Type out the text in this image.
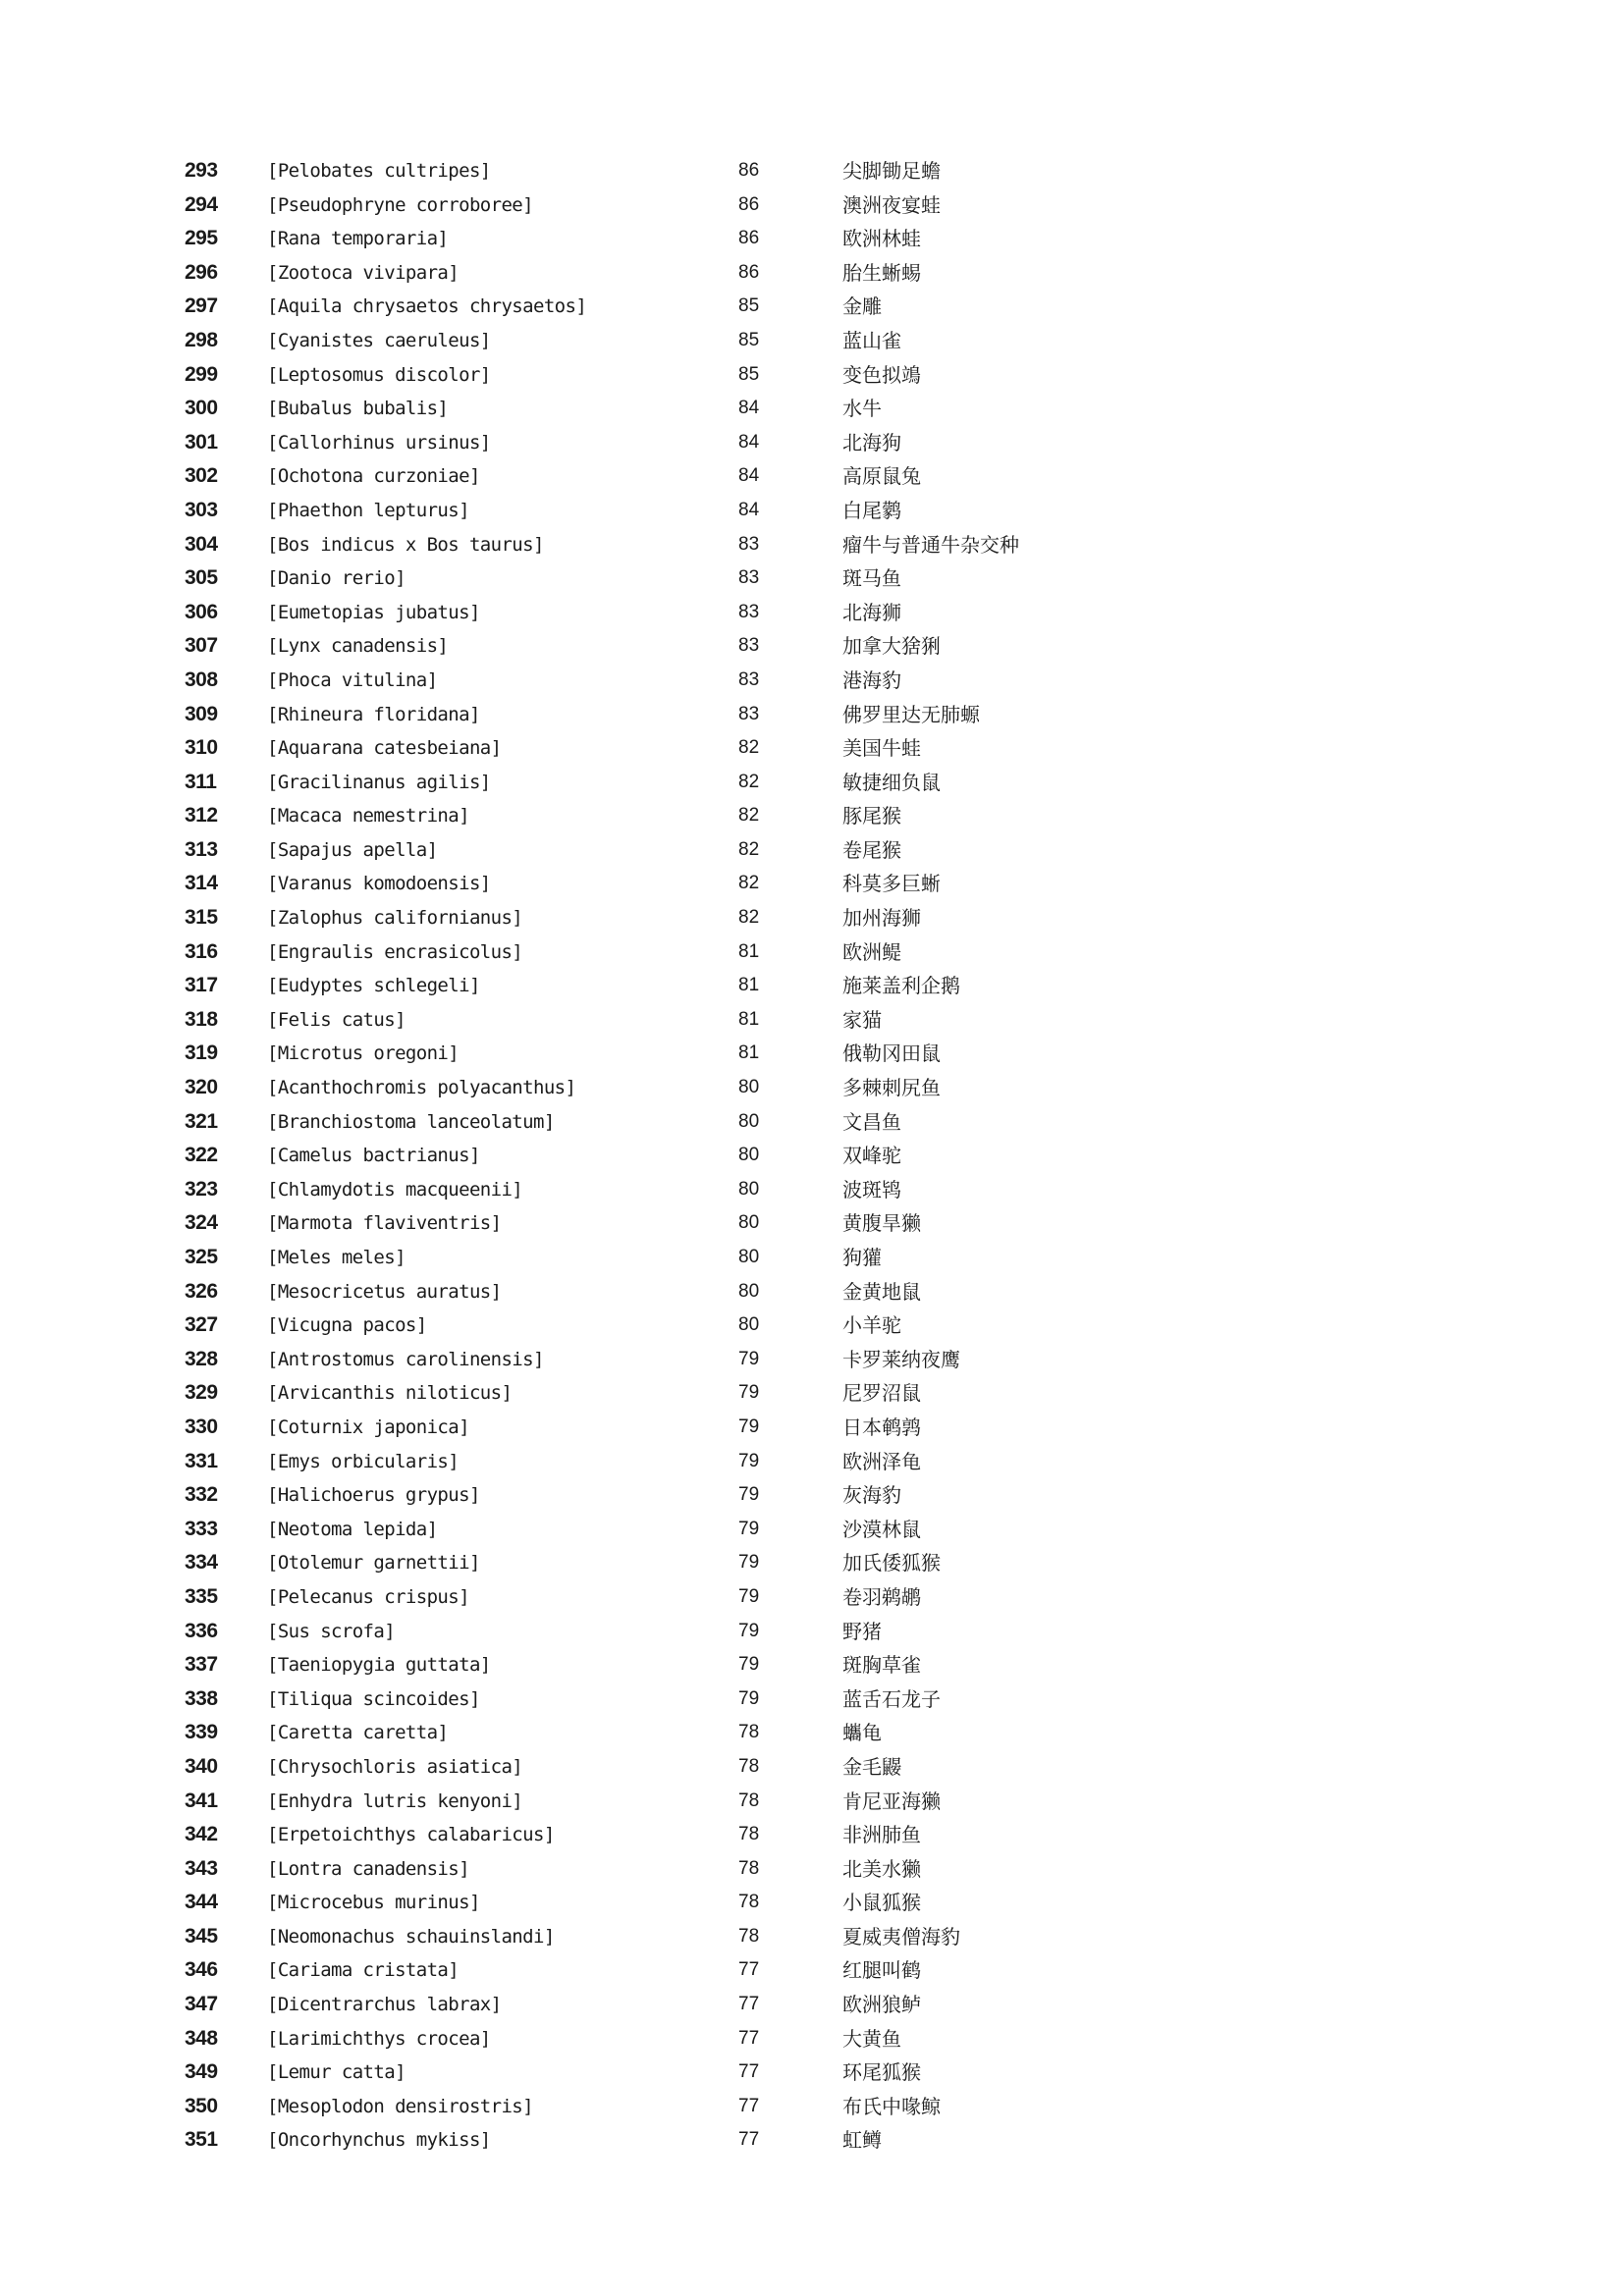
293	[Pelobates cultripes]	86	尖脚锄足蟾
294	[Pseudophryne corroboree]	86	澳洲夜宴蛙
295	[Rana temporaria]	86	欧洲林蛙
296	[Zootoca vivipara]	86	胎生蜥蜴
297	[Aquila chrysaetos chrysaetos]	85	金雕
298	[Cyanistes caeruleus]	85	蓝山雀
299	[Leptosomus discolor]	85	变色拟鴗
300	[Bubalus bubalis]	84	水牛
301	[Callorhinus ursinus]	84	北海狗
302	[Ochotona curzoniae]	84	高原鼠兔
303	[Phaethon lepturus]	84	白尾鹲
304	[Bos indicus x Bos taurus]	83	瘤牛与普通牛杂交种
305	[Danio rerio]	83	斑马鱼
306	[Eumetopias jubatus]	83	北海狮
307	[Lynx canadensis]	83	加拿大猞猁
308	[Phoca vitulina]	83	港海豹
309	[Rhineura floridana]	83	佛罗里达无肺螈
310	[Aquarana catesbeiana]	82	美国牛蛙
311	[Gracilinanus agilis]	82	敏捷细负鼠
312	[Macaca nemestrina]	82	豚尾猴
313	[Sapajus apella]	82	卷尾猴
314	[Varanus komodoensis]	82	科莫多巨蜥
315	[Zalophus californianus]	82	加州海狮
316	[Engraulis encrasicolus]	81	欧洲鳀
317	[Eudyptes schlegeli]	81	施莱盖利企鹅
318	[Felis catus]	81	家猫
319	[Microtus oregoni]	81	俄勒冈田鼠
320	[Acanthochromis polyacanthus]	80	多棘刺尻鱼
321	[Branchiostoma lanceolatum]	80	文昌鱼
322	[Camelus bactrianus]	80	双峰驼
323	[Chlamydotis macqueenii]	80	波斑鸨
324	[Marmota flaviventris]	80	黄腹旱獭
325	[Meles meles]	80	狗獾
326	[Mesocricetus auratus]	80	金黄地鼠
327	[Vicugna pacos]	80	小羊驼
328	[Antrostomus carolinensis]	79	卡罗莱纳夜鹰
329	[Arvicanthis niloticus]	79	尼罗沼鼠
330	[Coturnix japonica]	79	日本鹌鹑
331	[Emys orbicularis]	79	欧洲泽龟
332	[Halichoerus grypus]	79	灰海豹
333	[Neotoma lepida]	79	沙漠林鼠
334	[Otolemur garnettii]	79	加氏倭狐猴
335	[Pelecanus crispus]	79	卷羽鹈鹕
336	[Sus scrofa]	79	野猪
337	[Taeniopygia guttata]	79	斑胸草雀
338	[Tiliqua scincoides]	79	蓝舌石龙子
339	[Caretta caretta]	78	蠵龟
340	[Chrysochloris asiatica]	78	金毛鼹
341	[Enhydra lutris kenyoni]	78	肯尼亚海獭
342	[Erpetoichthys calabaricus]	78	非洲肺鱼
343	[Lontra canadensis]	78	北美水獭
344	[Microcebus murinus]	78	小鼠狐猴
345	[Neomonachus schauinslandi]	78	夏威夷僧海豹
346	[Cariama cristata]	77	红腿叫鹤
347	[Dicentrarchus labrax]	77	欧洲狼鲈
348	[Larimichthys crocea]	77	大黄鱼
349	[Lemur catta]	77	环尾狐猴
350	[Mesoplodon densirostris]	77	布氏中喙鲸
351	[Oncorhynchus mykiss]	77	虹鳟
